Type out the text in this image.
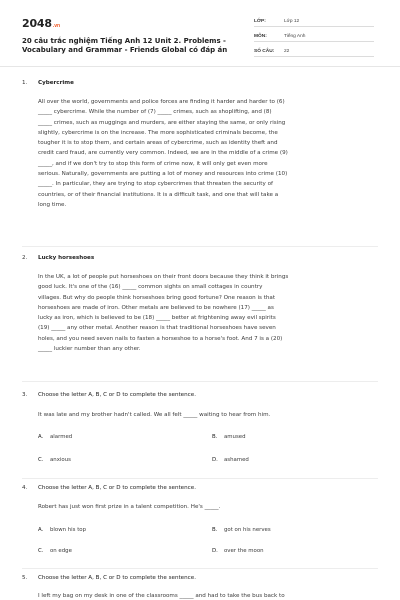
2048.vn
20 câu trắc nghiệm Tiếng Anh 12 Unit 2. Problems - Vocabulary and Grammar - Friends Global có đáp án
LỚP:	Lớp 12
MÔN:	Tiếng Anh
SỐ CÂU:	22
1. Cybercrime
All over the world, governments and police forces are finding it harder and harder to (6)
_____ cybercrime. While the number of (7) _____ crimes, such as shoplifting, and (8)
_____ crimes, such as muggings and murders, are either staying the same, or only rising
slightly, cybercrime is on the increase. The more sophisticated criminals become, the
tougher it is to stop them, and certain areas of cybercrime, such as identity theft and
credit card fraud, are currently very common. Indeed, we are in the middle of a crime (9)
_____, and if we don't try to stop this form of crime now, it will only get even more
serious. Naturally, governments are putting a lot of money and resources into crime (10)
_____. In particular, they are trying to stop cybercrimes that threaten the security of
countries, or of their financial institutions. It is a difficult task, and one that will take a
long time.
2. Lucky horseshoes
In the UK, a lot of people put horseshoes on their front doors because they think it brings
good luck. It's one of the (16) _____ common sights on small cottages in country
villages. But why do people think horseshoes bring good fortune? One reason is that
horseshoes are made of iron. Other metals are believed to be nowhere (17) _____ as
lucky as iron, which is believed to be (18) _____ better at frightening away evil spirits
(19) _____ any other metal. Another reason is that traditional horseshoes have seven
holes, and you need seven nails to fasten a horseshoe to a horse's foot. And 7 is a (20)
_____ luckier number than any other.
3. Choose the letter A, B, C or D to complete the sentence.
It was late and my brother hadn't called. We all felt _____ waiting to hear from him.
A. alarmed	B. amused
C. anxious	D. ashamed
4. Choose the letter A, B, C or D to complete the sentence.
Robert has just won first prize in a talent competition. He's _____.
A. blown his top	B. got on his nerves
C. on edge	D. over the moon
5. Choose the letter A, B, C or D to complete the sentence.
I left my bag on my desk in one of the classrooms _____ and had to take the bus back to
